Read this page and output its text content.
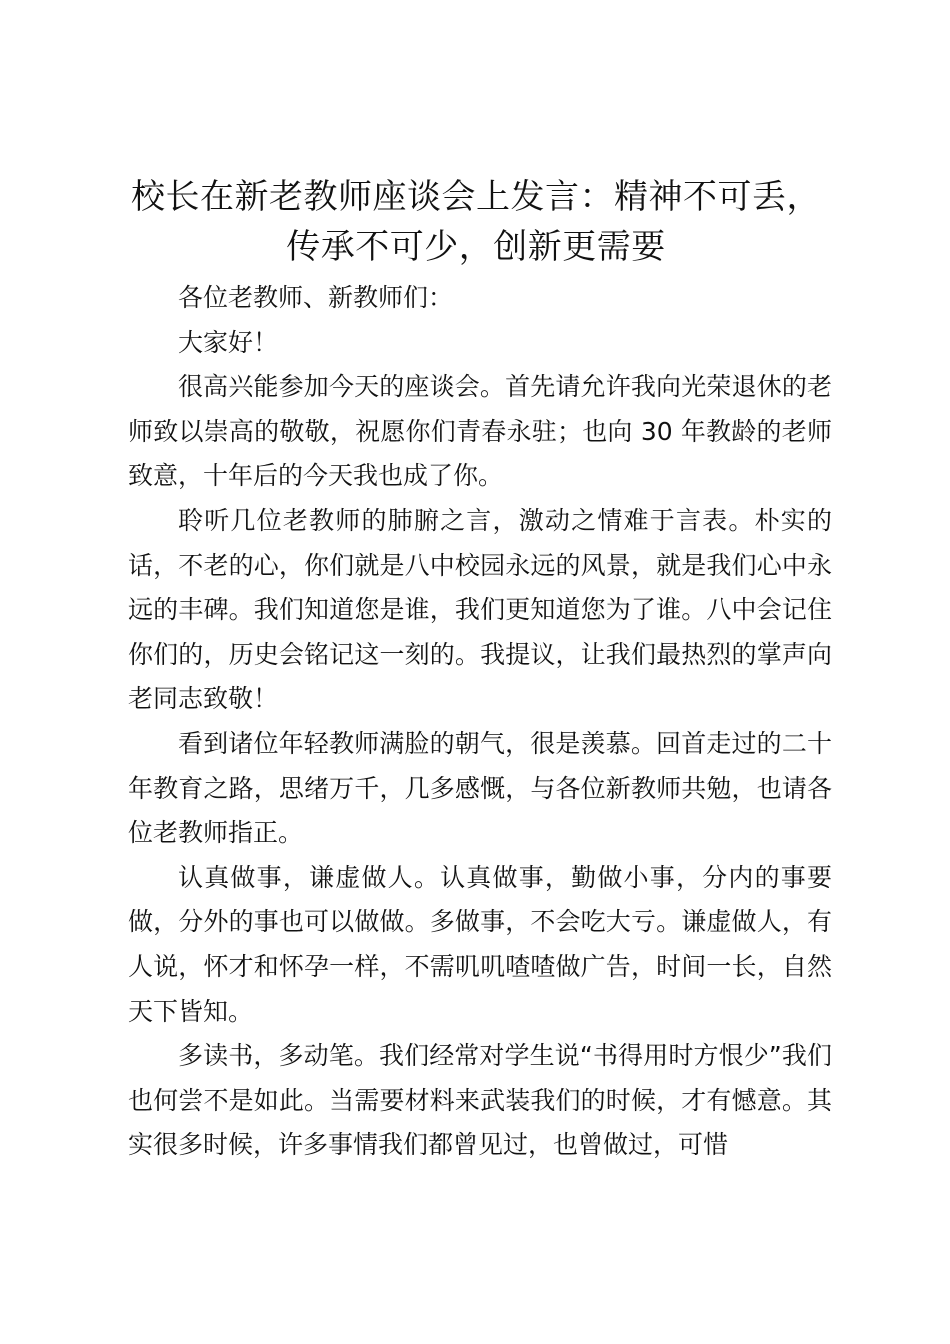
校长在新老教师座谈会上发言：精神不可丢，传承不可少，创新更需要

各位老教师、新教师们：

大家好！

很高兴能参加今天的座谈会。首先请允许我向光荣退休的老师致以崇高的敬敬，祝愿你们青春永驻；也向 30 年教龄的老师致意，十年后的今天我也成了你。

聆听几位老教师的肺腑之言，激动之情难于言表。朴实的话，不老的心，你们就是八中校园永远的风景，就是我们心中永远的丰碑。我们知道您是谁，我们更知道您为了谁。八中会记住你们的，历史会铭记这一刻的。我提议，让我们最热烈的掌声向老同志致敬！

看到诸位年轻教师满脸的朝气，很是羡慕。回首走过的二十年教育之路，思绪万千，几多感慨，与各位新教师共勉，也请各位老教师指正。

认真做事，谦虚做人。认真做事，勤做小事，分内的事要做，分外的事也可以做做。多做事，不会吃大亏。谦虚做人，有人说，怀才和怀孕一样，不需叽叽喳喳做广告，时间一长，自然天下皆知。

多读书，多动笔。我们经常对学生说“书得用时方恨少”我们也何尝不是如此。当需要材料来武装我们的时候，才有憾意。其实很多时候，许多事情我们都曾见过，也曾做过，可惜
